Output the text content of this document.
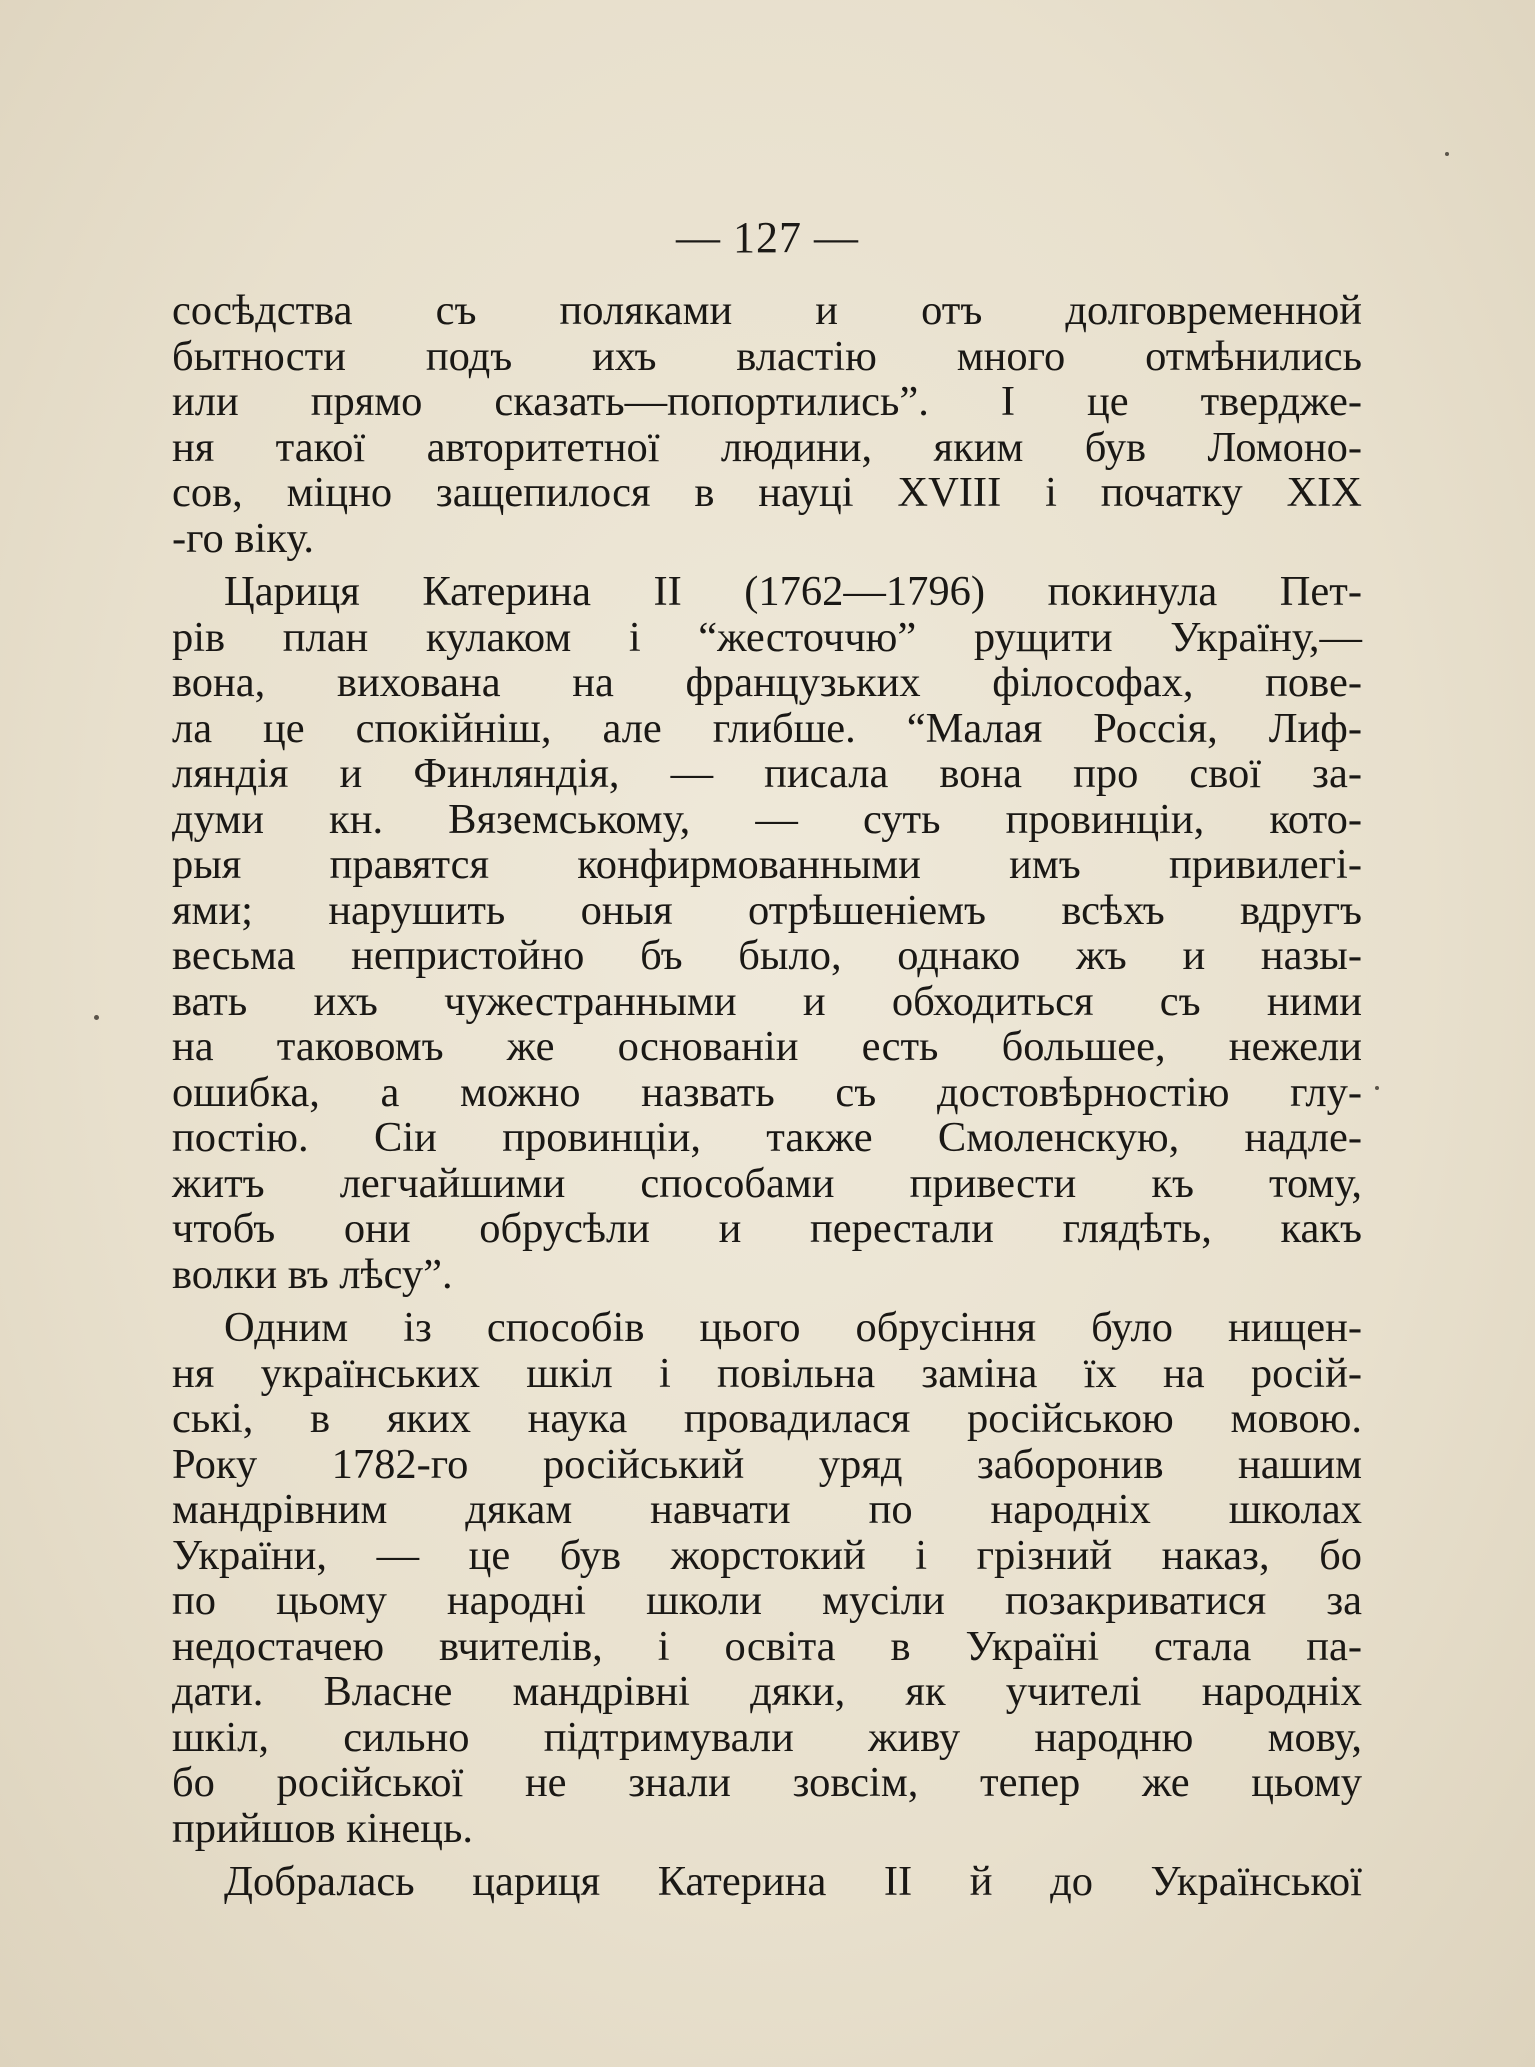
— 127 —
сосѣдства съ поляками и отъ долговременной
бытности подъ ихъ властію много отмѣнились
или прямо сказать—попортились”. І це твердже-
ня такої авторитетної людини, яким був Ломоно-
сов, міцно защепилося в науці XVIII і початку XIX
-го віку.
Цариця Катерина II (1762—1796) покинула Пет-
рів план кулаком і “жесточчю” рущити Україну,—
вона, вихована на французьких філософах, пове-
ла це спокійніш, але глибше. “Малая Россія, Лиф-
ляндія и Финляндія, — писала вона про свої за-
думи кн. Вяземському, — суть провинціи, кото-
рыя правятся конфирмованными имъ привилегі-
ями; нарушить оныя отрѣшеніемъ всѣхъ вдругъ
весьма непристойно бъ было, однако жъ и назы-
вать ихъ чужестранными и обходиться съ ними
на таковомъ же основаніи есть большее, нежели
ошибка, а можно назвать съ достовѣрностію глу-
постію. Сіи провинціи, также Смоленскую, надле-
житъ легчайшими способами привести къ тому,
чтобъ они обрусѣли и перестали глядѣть, какъ
волки въ лѣсу”.
Одним із способів цього обрусіння було нищен-
ня українських шкіл і повільна заміна їх на росій-
ські, в яких наука провадилася російською мовою.
Року 1782-го російський уряд заборонив нашим
мандрівним дякам навчати по народніх школах
України, — це був жорстокий і грізний наказ, бо
по цьому народні школи мусіли позакриватися за
недостачею вчителів, і освіта в Україні стала па-
дати. Власне мандрівні дяки, як учителі народніх
шкіл, сильно підтримували живу народню мову,
бо російської не знали зовсім, тепер же цьому
прийшов кінець.
Добралась цариця Катерина II й до Української
